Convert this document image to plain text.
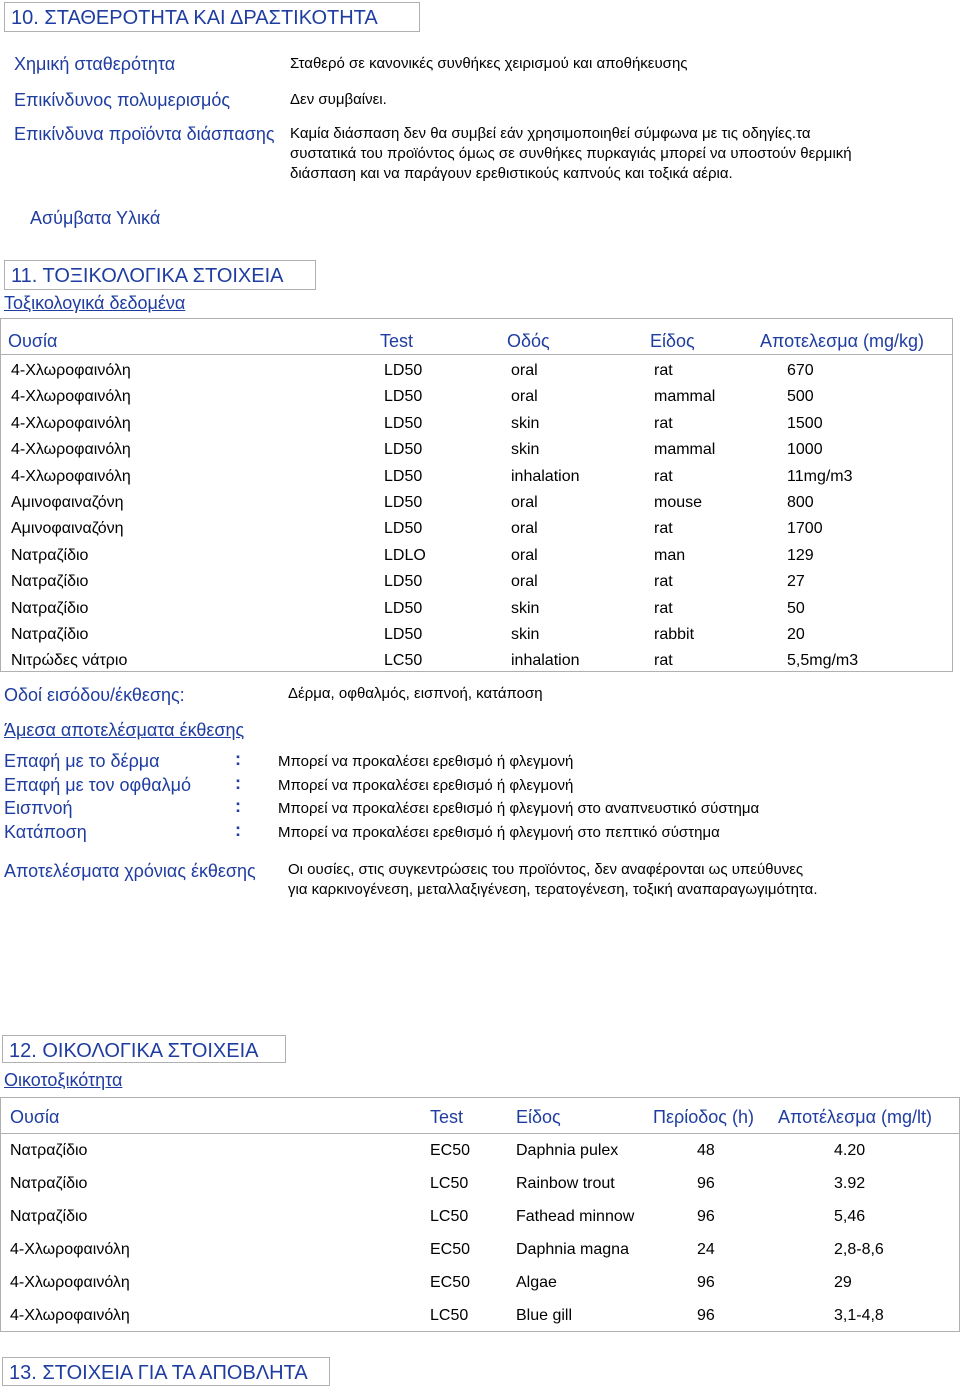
10. ΣΤΑΘΕΡΟΤΗΤΑ ΚΑΙ ΔΡΑΣΤΙΚΟΤΗΤΑ
Χημική σταθερότητα	Σταθερό σε κανονικές συνθήκες χειρισμού και αποθήκευσης
Επικίνδυνος πολυμερισμός	Δεν συμβαίνει.
Επικίνδυνα προϊόντα διάσπασης Καμία διάσπαση δεν θα συμβεί εάν χρησιμοποιηθεί σύμφωνα με τις οδηγίες.τα
συστατικά του προϊόντος όμως σε συνθήκες πυρκαγιάς μπορεί να υποστούν θερμική
διάσπαση και να παράγουν ερεθιστικούς καπνούς και τοξικά αέρια.
Ασύμβατα Υλικά
11. ΤΟΞΙΚΟΛΟΓΙΚΑ ΣΤΟΙΧΕΙΑ
Τοξικολογικά δεδομένα
Ουσία	Test	Οδός	Είδος	Αποτελεσμα (mg/kg)
4-Χλωροφαινόλη	LD50	oral	rat	670
4-Χλωροφαινόλη	LD50	oral	mammal	500
4-Χλωροφαινόλη	LD50	skin	rat	1500
4-Χλωροφαινόλη	LD50	skin	mammal	1000
4-Χλωροφαινόλη	LD50	inhalation	rat	11mg/m3
Αμινοφαιναζόνη	LD50	oral	mouse	800
Αμινοφαιναζόνη	LD50	oral	rat	1700
Νατραζίδιο	LDLO	oral	man	129
Νατραζίδιο	LD50	oral	rat	27
Νατραζίδιο	LD50	skin	rat	50
Νατραζίδιο	LD50	skin	rabbit	20
Νιτρώδες νάτριο	LC50	inhalation	rat	5,5mg/m3
Οδοί εισόδου/έκθεσης:	Δέρμα, οφθαλμός, εισπνοή, κατάποση
Άμεσα αποτελέσματα έκθεσης
Επαφή με το δέρμα	: Μπορεί να προκαλέσει ερεθισμό ή φλεγμονή
Επαφή με τον οφθαλμό : Μπορεί να προκαλέσει ερεθισμό ή φλεγμονή
Εισπνοή	: Μπορεί να προκαλέσει ερεθισμό ή φλεγμονή στο αναπνευστικό σύστημα
Κατάποση	: Μπορεί να προκαλέσει ερεθισμό ή φλεγμονή στο πεπτικό σύστημα
Αποτελέσματα χρόνιας έκθεσης Οι ουσίες, στις συγκεντρώσεις του προϊόντος, δεν αναφέρονται ως υπεύθυνες
για καρκινογένεση, μεταλλαξιγένεση, τερατογένεση, τοξική αναπαραγωγιμότητα.
12. ΟΙΚΟΛΟΓΙΚΑ ΣΤΟΙΧΕΙΑ
Οικοτοξικότητα
Ουσία	Test	Είδος	Περίοδος (h) Αποτέλεσμα (mg/lt)
Νατραζίδιο	EC50	Daphnia pulex	48	4.20
Νατραζίδιο	LC50	Rainbow trout	96	3.92
Νατραζίδιο	LC50	Fathead minnow	96	5,46
4-Χλωροφαινόλη	EC50	Daphnia magna	24	2,8-8,6
4-Χλωροφαινόλη	EC50	Algae	96	29
4-Χλωροφαινόλη	LC50	Blue gill	96	3,1-4,8
13. ΣΤΟΙΧΕΙΑ ΓΙΑ ΤΑ ΑΠΟΒΛΗΤΑ
